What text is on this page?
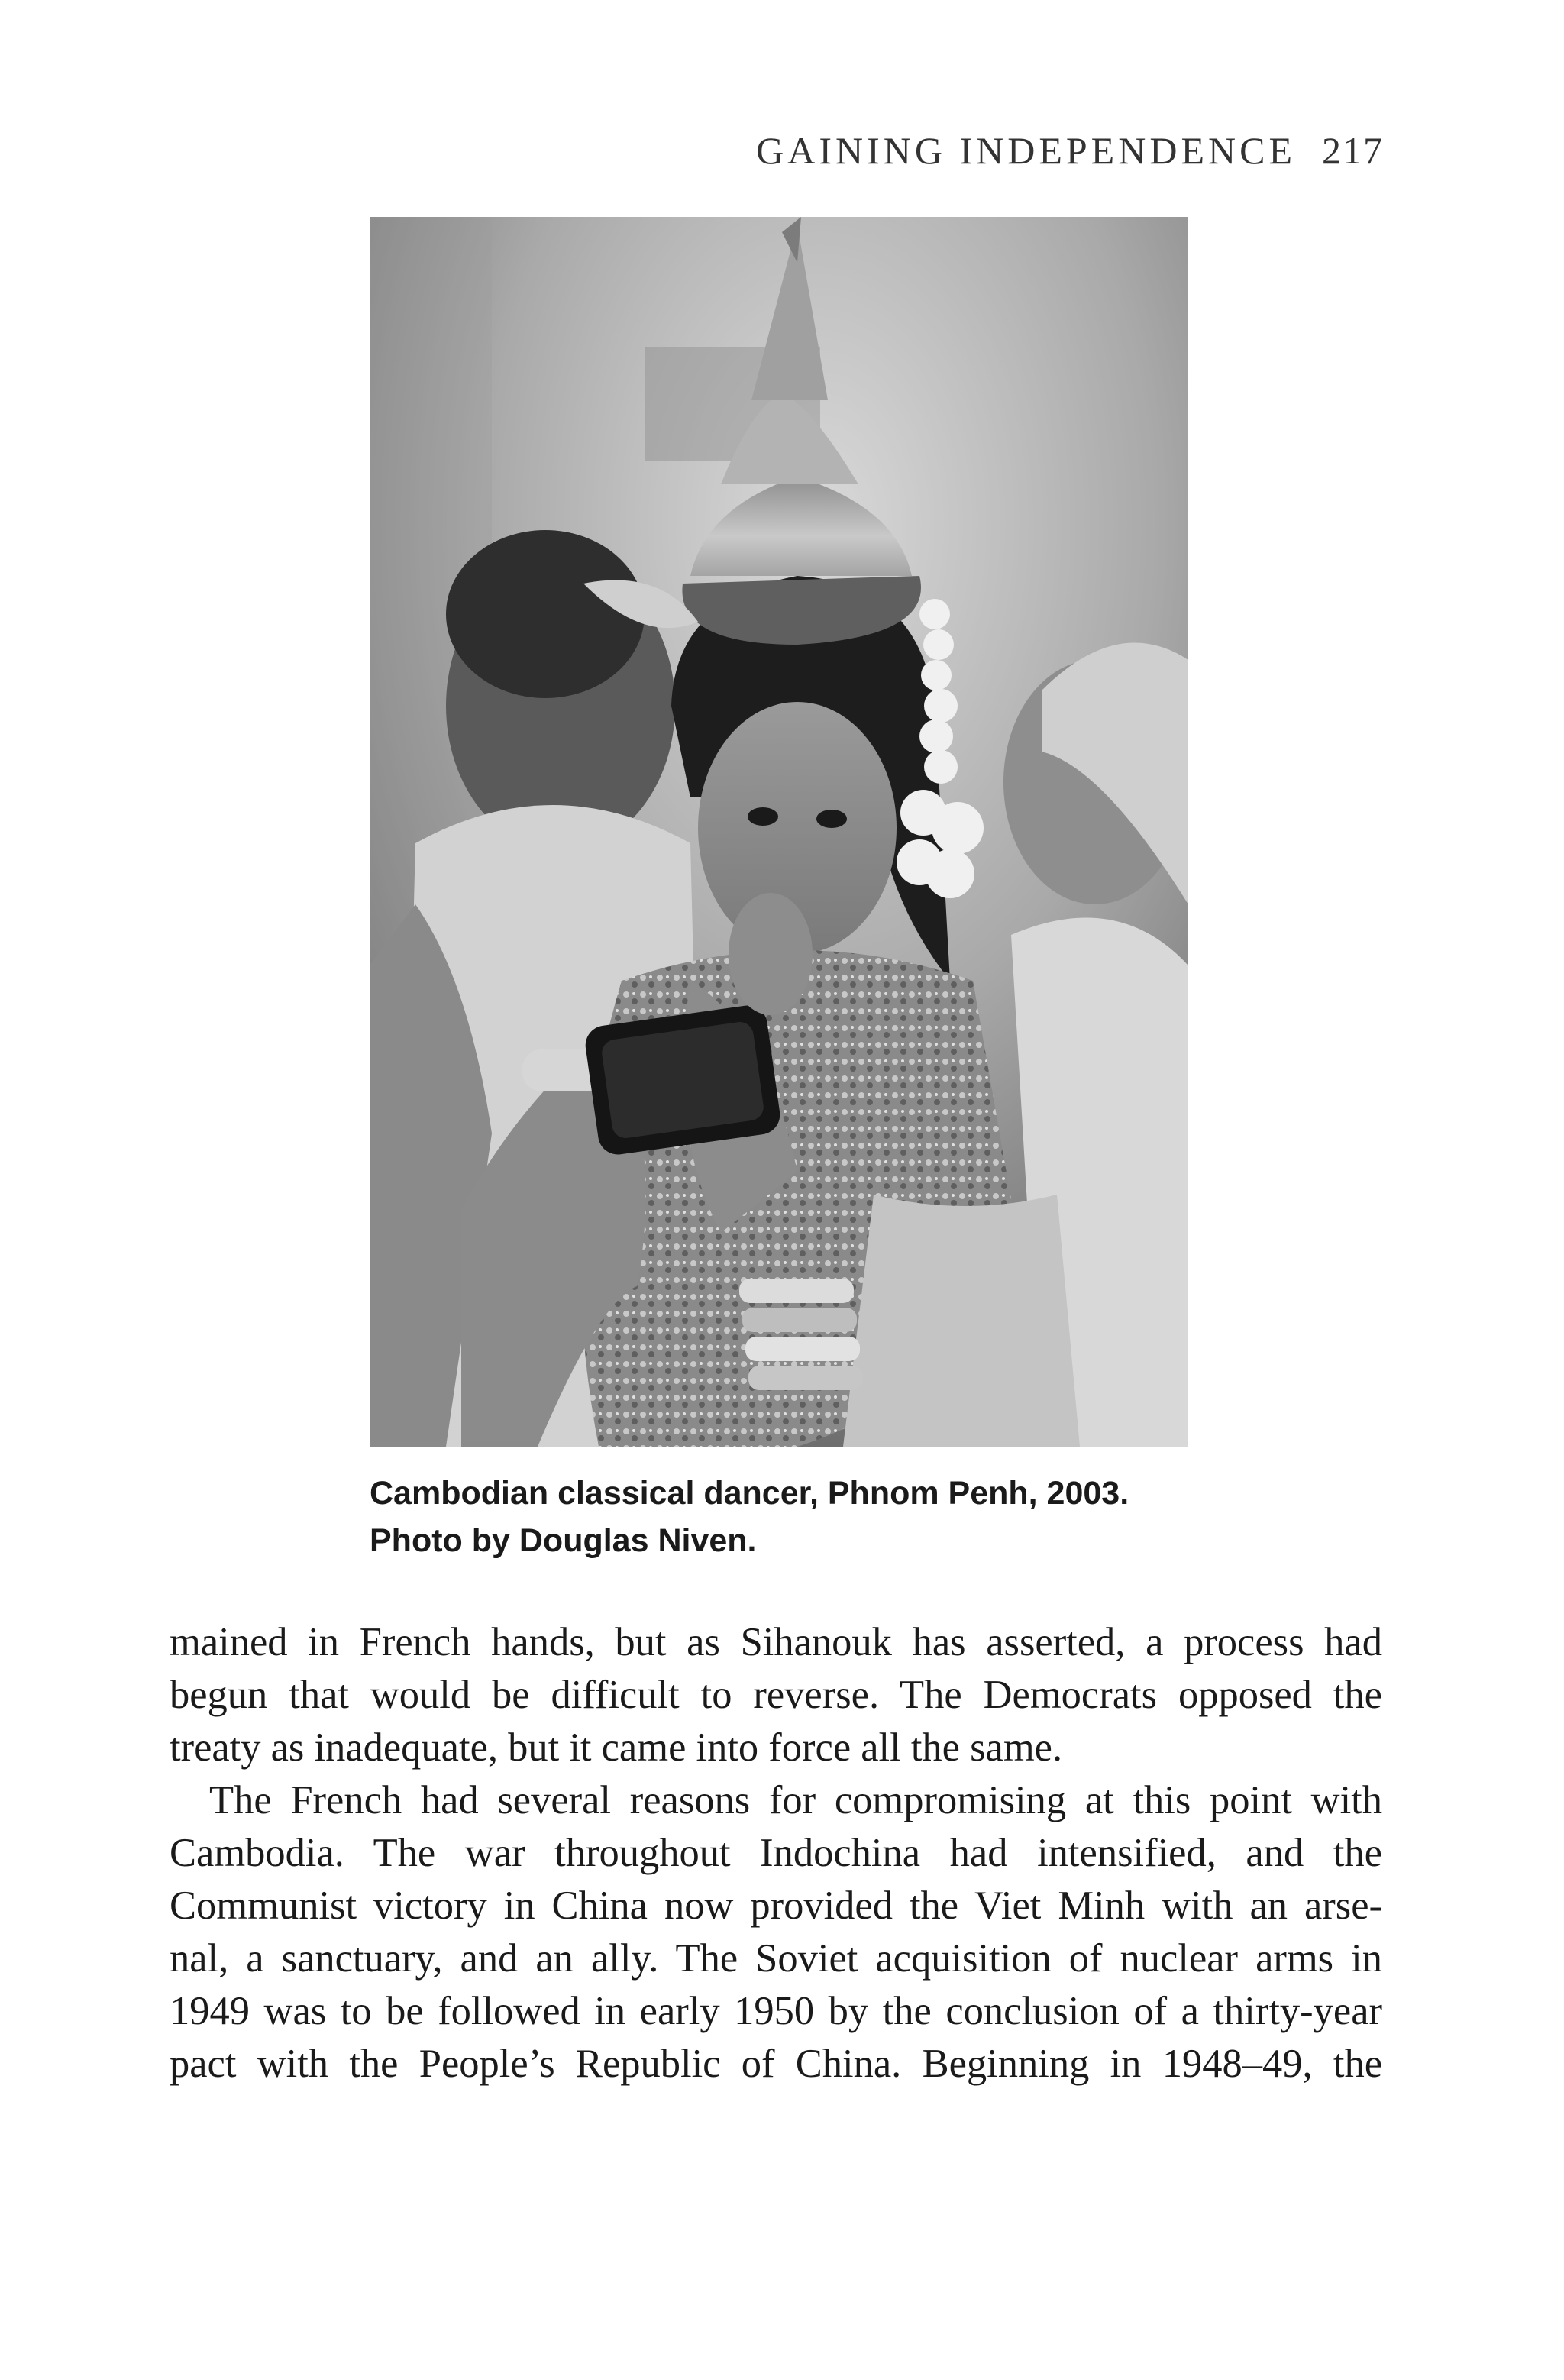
GAINING INDEPENDENCE 217
Cambodian classical dancer, Phnom Penh, 2003.
Photo by Douglas Niven.
mained in French hands, but as Sihanouk has asserted, a process had
begun that would be difficult to reverse. The Democrats opposed the
treaty as inadequate, but it came into force all the same.
The French had several reasons for compromising at this point with
Cambodia. The war throughout Indochina had intensified, and the
Communist victory in China now provided the Viet Minh with an arse-
nal, a sanctuary, and an ally. The Soviet acquisition of nuclear arms in
1949 was to be followed in early 1950 by the conclusion of a thirty-year
pact with the People’s Republic of China. Beginning in 1948–49, the
